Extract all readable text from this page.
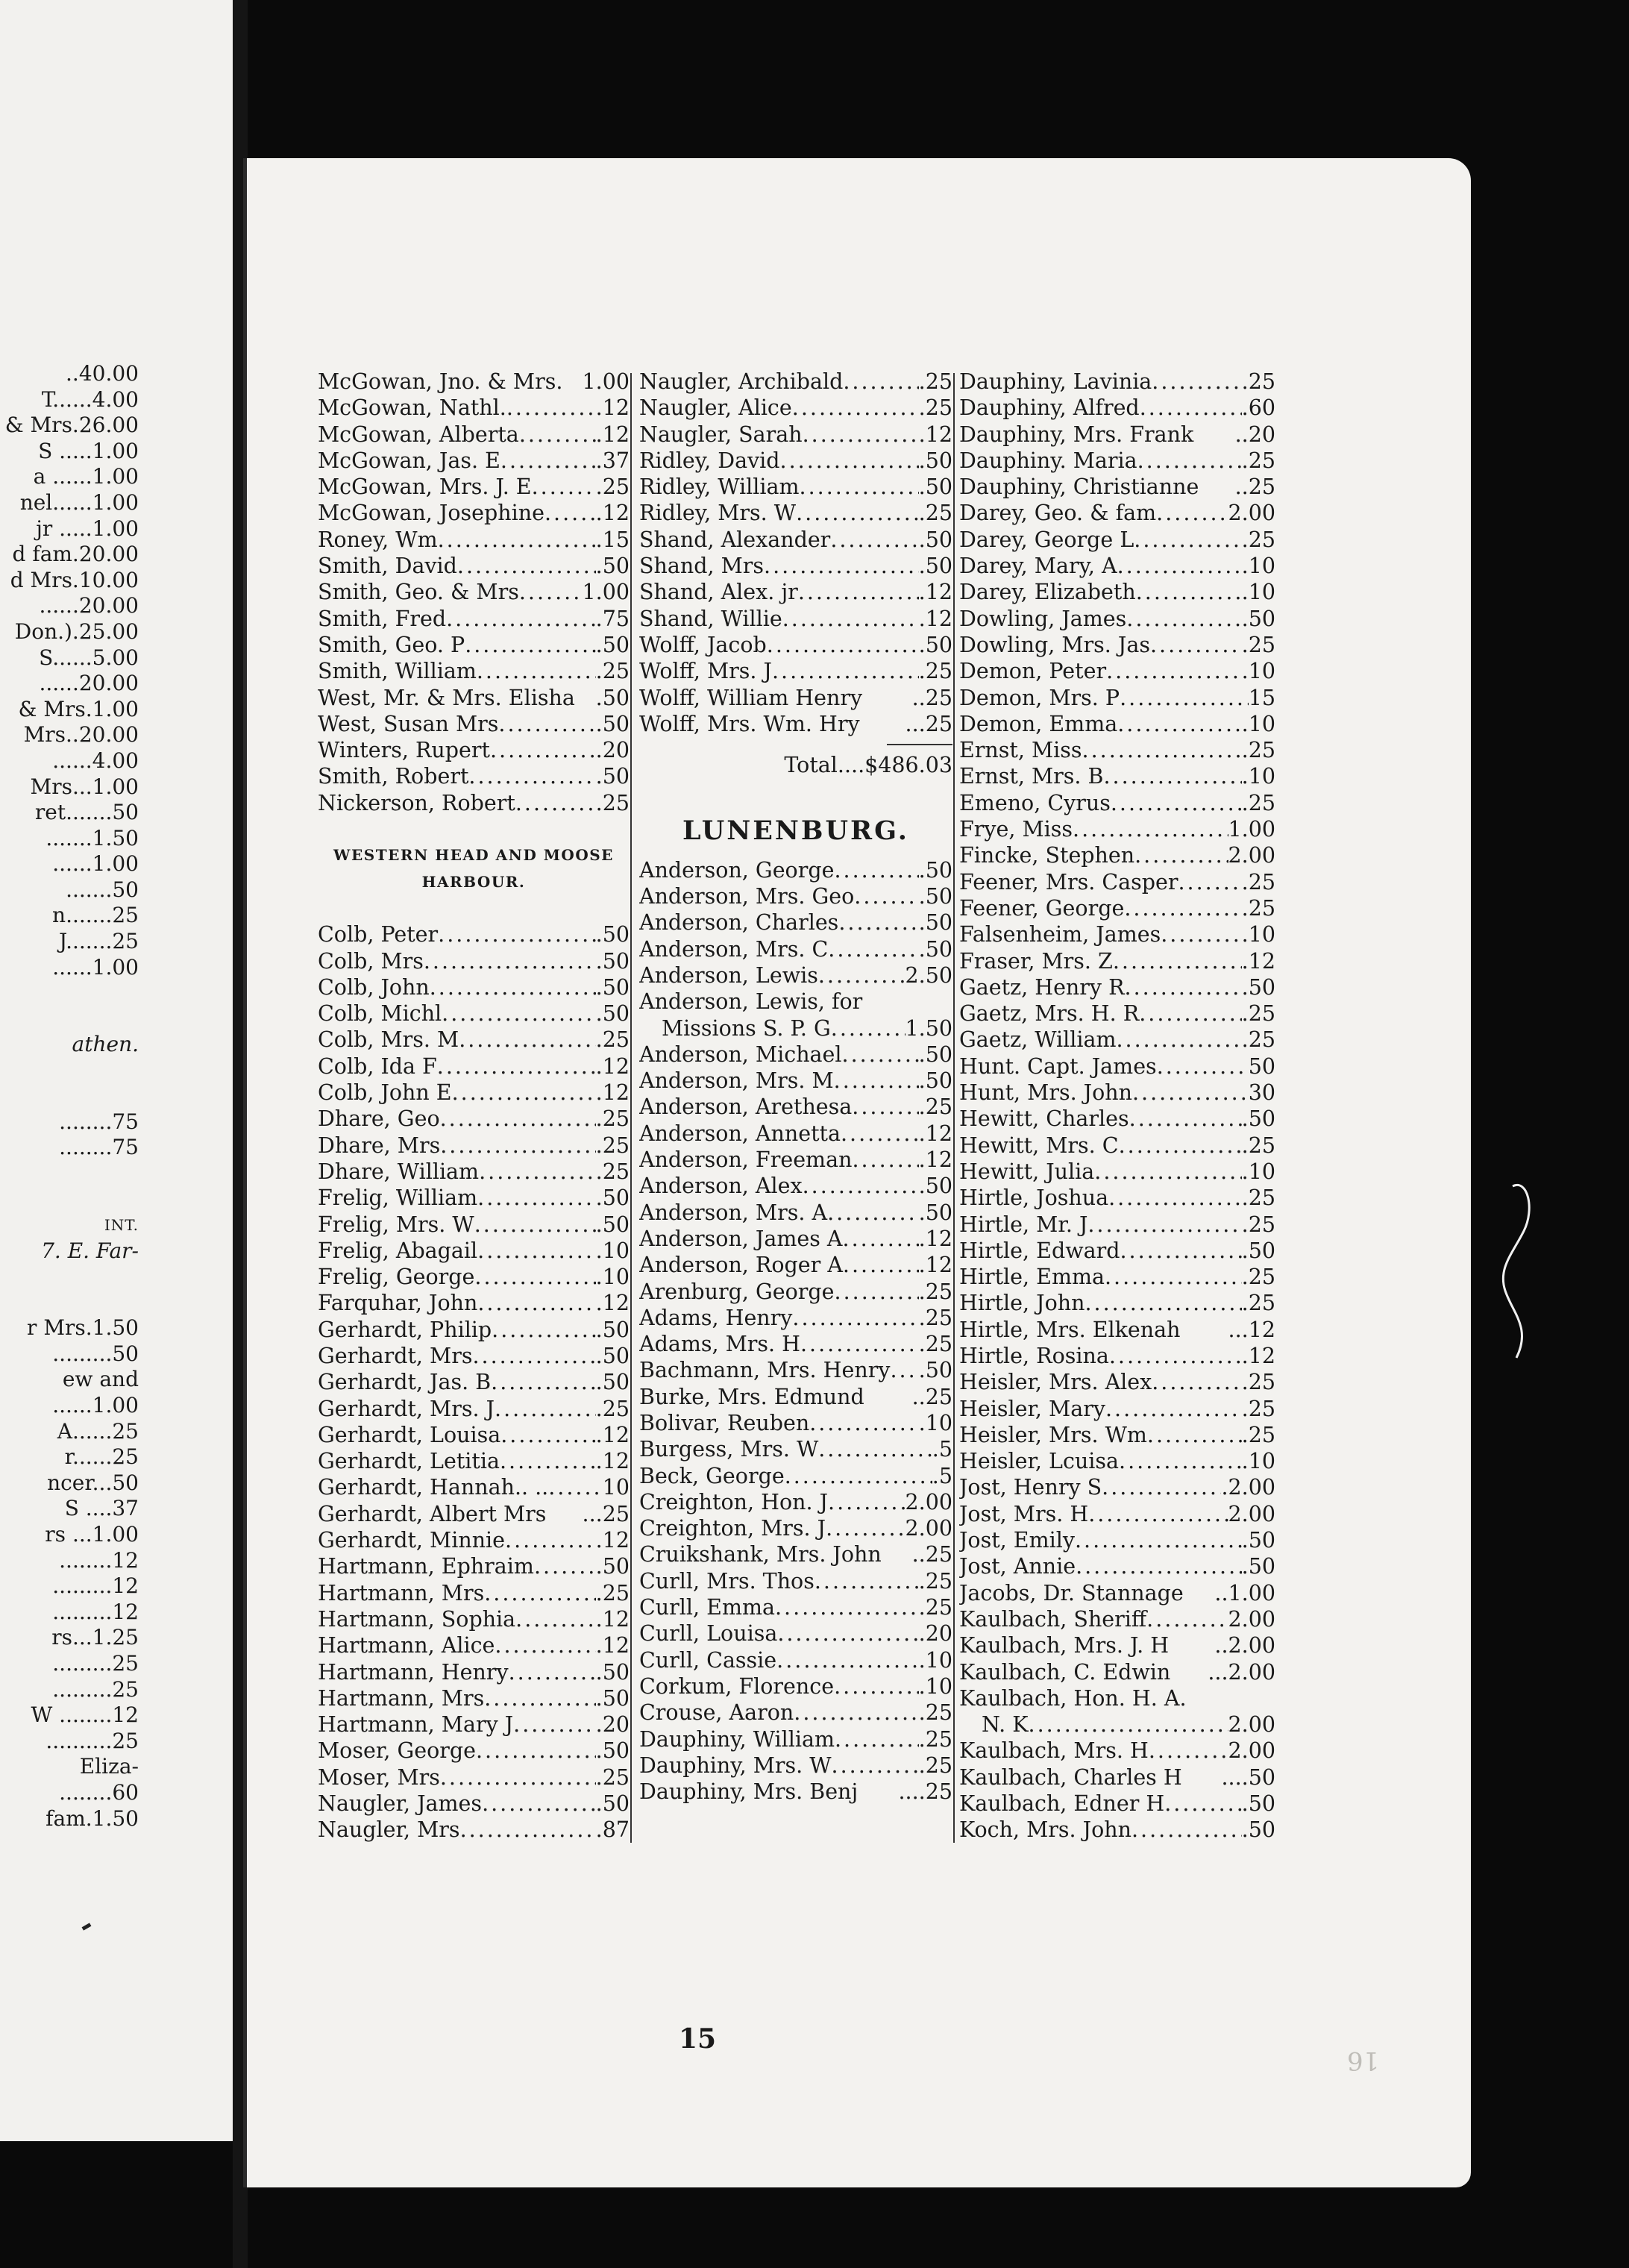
..40.00
T......4.00
& Mrs.26.00
S .....1.00
a ......1.00
nel......1.00
jr .....1.00
d fam.20.00
d Mrs.10.00
......20.00
Don.).25.00
S......5.00
......20.00
& Mrs.1.00
Mrs..20.00
......4.00
Mrs...1.00
ret.......50
.......1.50
......1.00
.......50
n.......25
J.......25
......1.00
athen.
........75
........75
INT.
7. E. Far-
r Mrs.1.50
.........50
ew and
......1.00
A......25
r......25
ncer...50
S ....37
rs ...1.00
........12
.........12
.........12
rs...1.25
.........25
.........25
W ........12
..........25
Eliza-
........60
fam.1.50
McGowan, Jno. & Mrs. 1.00
McGowan, Nathl. .....	.12
McGowan, Alberta .....	.12
McGowan, Jas. E .....	.37
McGowan, Mrs. J. E .....	.25
McGowan, Josephine ..... .12
Roney, Wm .....	.15
Smith, David .....	.50
Smith, Geo. & Mrs .....	1.00
Smith, Fred .....	.75
Smith, Geo. P .....	.50
Smith, William .....	.25
West, Mr. & Mrs. Elisha .50
West, Susan Mrs .....	.50
Winters, Rupert .....	.20
Smith, Robert .....	.50
Nickerson, Robert .....	.25
WESTERN HEAD AND MOOSE
HARBOUR.
Colb, Peter .....	.50
Colb, Mrs .....	.50
Colb, John .....	.50
Colb, Michl .....	.50
Colb, Mrs. M .....	.25
Colb, Ida F .....	.12
Colb, John E .....	.12
Dhare, Geo .....	.25
Dhare, Mrs .....	.25
Dhare, William .....	.25
Frelig, William .....	.50
Frelig, Mrs. W .....	.50
Frelig, Abagail .....	.10
Frelig, George .....	.10
Farquhar, John .....	.12
Gerhardt, Philip .....	.50
Gerhardt, Mrs .....	.50
Gerhardt, Jas. B .....	.50
Gerhardt, Mrs. J .....	.25
Gerhardt, Louisa .....	.12
Gerhardt, Letitia .....	.12
Gerhardt, Hannah.. .. .....	10
Gerhardt, Albert Mrs ...25
Gerhardt, Minnie .....	.12
Hartmann, Ephraim .....	.50
Hartmann, Mrs .....	.25
Hartmann, Sophia .....	.12
Hartmann, Alice .....	.12
Hartmann, Henry .....	.50
Hartmann, Mrs .....	.50
Hartmann, Mary J .....	.20
Moser, George .....	.50
Moser, Mrs .....	.25
Naugler, James .....	.50
Naugler, Mrs .....	.87
Naugler, Archibald .....	.25
Naugler, Alice .....	.25
Naugler, Sarah .....	.12
Ridley, David .....	.50
Ridley, William .....	.50
Ridley, Mrs. W .....	.25
Shand, Alexander .....	.50
Shand, Mrs .....	.50
Shand, Alex. jr .....	.12
Shand, Willie .....	.12
Wolff, Jacob .....	.50
Wolff, Mrs. J .....	.25
Wolff, William Henry ..25
Wolff, Mrs. Wm. Hry ...25
Total....$486.03
LUNENBURG.
Anderson, George .....	.50
Anderson, Mrs. Geo .....	.50
Anderson, Charles .....	.50
Anderson, Mrs. C .....	.50
Anderson, Lewis .....	2.50
Anderson, Lewis, for
Missions S. P. G .....	1.50
Anderson, Michael .....	.50
Anderson, Mrs. M .....	.50
Anderson, Arethesa .....	.25
Anderson, Annetta .....	.12
Anderson, Freeman .....	.12
Anderson, Alex .....	.50
Anderson, Mrs. A .....	.50
Anderson, James A .....	.12
Anderson, Roger A .....	.12
Arenburg, George .....	.25
Adams, Henry .....	.25
Adams, Mrs. H .....	.25
Bachmann, Mrs. Henry ..... .50
Burke, Mrs. Edmund ..25
Bolivar, Reuben .....	.10
Burgess, Mrs. W .....	.5
Beck, George .....	.5
Creighton, Hon. J .....	2.00
Creighton, Mrs. J .....	2.00
Cruikshank, Mrs. John ..25
Curll, Mrs. Thos .....	.25
Curll, Emma .....	.25
Curll, Louisa .....	.20
Curll, Cassie .....	.10
Corkum, Florence .....	.10
Crouse, Aaron .....	.25
Dauphiny, William .....	.25
Dauphiny, Mrs. W .....	.25
Dauphiny, Mrs. Benj ....25
Dauphiny, Lavinia .....	.25
Dauphiny, Alfred .....	.60
Dauphiny, Mrs. Frank ..20
Dauphiny. Maria .....	.25
Dauphiny, Christianne ..25
Darey, Geo. & fam .....	2.00
Darey, George L .....	.25
Darey, Mary, A .....	.10
Darey, Elizabeth .....	.10
Dowling, James .....	.50
Dowling, Mrs. Jas .....	.25
Demon, Peter .....	.10
Demon, Mrs. P .....	15
Demon, Emma .....	.10
Ernst, Miss .....	.25
Ernst, Mrs. B .....	.10
Emeno, Cyrus .....	.25
Frye, Miss .....	1.00
Fincke, Stephen .....	2.00
Feener, Mrs. Casper .....	.25
Feener, George .....	.25
Falsenheim, James .....	.10
Fraser, Mrs. Z .....	.12
Gaetz, Henry R .....	.50
Gaetz, Mrs. H. R .....	.25
Gaetz, William .....	.25
Hunt. Capt. James .....	50
Hunt, Mrs. John .....	30
Hewitt, Charles .....	.50
Hewitt, Mrs. C .....	.25
Hewitt, Julia .....	.10
Hirtle, Joshua .....	.25
Hirtle, Mr. J .....	.25
Hirtle, Edward .....	.50
Hirtle, Emma .....	.25
Hirtle, John .....	.25
Hirtle, Mrs. Elkenah ...12
Hirtle, Rosina .....	.12
Heisler, Mrs. Alex .....	.25
Heisler, Mary .....	.25
Heisler, Mrs. Wm .....	.25
Heisler, Lcuisa .....	.10
Jost, Henry S .....	.2.00
Jost, Mrs. H .....	2.00
Jost, Emily .....	.50
Jost, Annie .....	.50
Jacobs, Dr. Stannage ..1.00
Kaulbach, Sheriff .....	2.00
Kaulbach, Mrs. J. H ..2.00
Kaulbach, C. Edwin ...2.00
Kaulbach, Hon. H. A.
N. K .....	2.00
Kaulbach, Mrs. H .....	2.00
Kaulbach, Charles H ....50
Kaulbach, Edner H .....	.50
Koch, Mrs. John .....	.50
15
16
